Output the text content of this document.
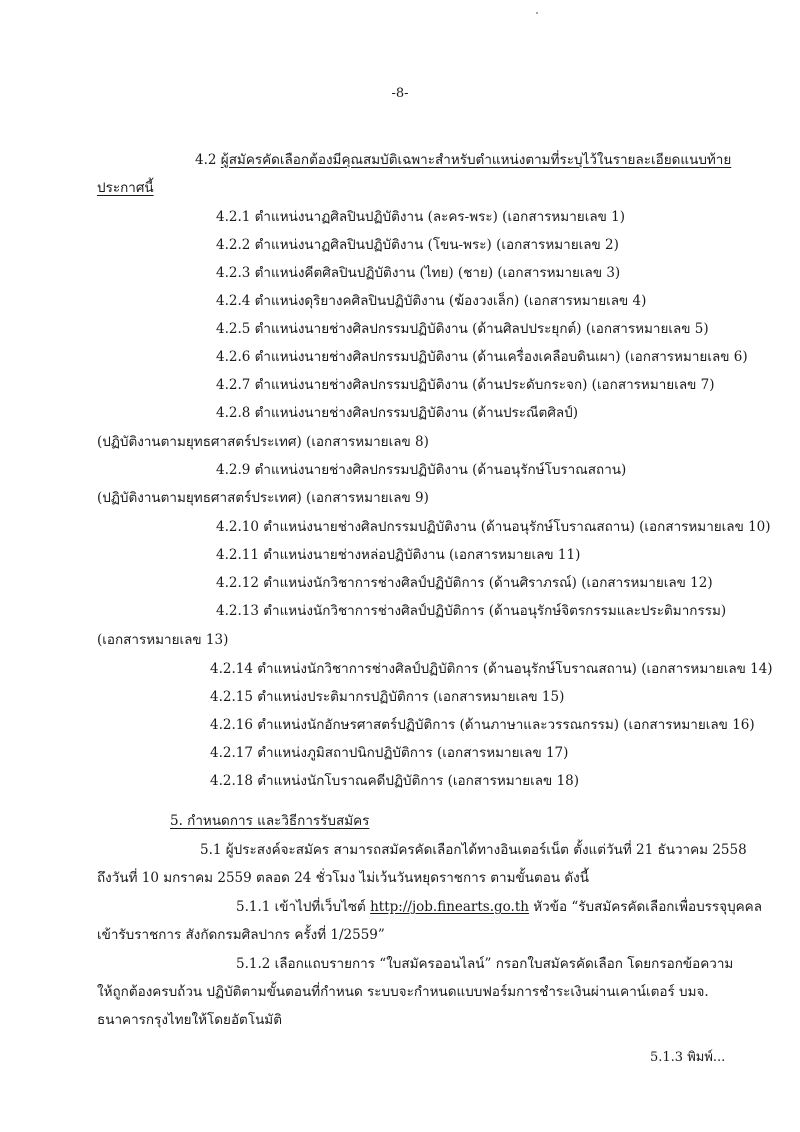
-8-
4.2 ผู้สมัครคัดเลือกต้องมีคุณสมบัติเฉพาะสำหรับตำแหน่งตามที่ระบุไว้ในรายละเอียดแนบท้าย
ประกาศนี้
4.2.1 ตำแหน่งนาฏศิลปินปฏิบัติงาน (ละคร-พระ) (เอกสารหมายเลข 1)
4.2.2 ตำแหน่งนาฏศิลปินปฏิบัติงาน (โขน-พระ) (เอกสารหมายเลข 2)
4.2.3 ตำแหน่งคีตศิลปินปฏิบัติงาน (ไทย) (ชาย) (เอกสารหมายเลข 3)
4.2.4 ตำแหน่งดุริยางคศิลปินปฏิบัติงาน (ฆ้องวงเล็ก) (เอกสารหมายเลข 4)
4.2.5 ตำแหน่งนายช่างศิลปกรรมปฏิบัติงาน (ด้านศิลปประยุกต์) (เอกสารหมายเลข 5)
4.2.6 ตำแหน่งนายช่างศิลปกรรมปฏิบัติงาน (ด้านเครื่องเคลือบดินเผา) (เอกสารหมายเลข 6)
4.2.7 ตำแหน่งนายช่างศิลปกรรมปฏิบัติงาน (ด้านประดับกระจก) (เอกสารหมายเลข 7)
4.2.8 ตำแหน่งนายช่างศิลปกรรมปฏิบัติงาน (ด้านประณีตศิลป์)
(ปฏิบัติงานตามยุทธศาสตร์ประเทศ) (เอกสารหมายเลข 8)
4.2.9 ตำแหน่งนายช่างศิลปกรรมปฏิบัติงาน (ด้านอนุรักษ์โบราณสถาน)
(ปฏิบัติงานตามยุทธศาสตร์ประเทศ) (เอกสารหมายเลข 9)
4.2.10 ตำแหน่งนายช่างศิลปกรรมปฏิบัติงาน (ด้านอนุรักษ์โบราณสถาน) (เอกสารหมายเลข 10)
4.2.11 ตำแหน่งนายช่างหล่อปฏิบัติงาน (เอกสารหมายเลข 11)
4.2.12 ตำแหน่งนักวิชาการช่างศิลป์ปฏิบัติการ (ด้านศิราภรณ์) (เอกสารหมายเลข 12)
4.2.13 ตำแหน่งนักวิชาการช่างศิลป์ปฏิบัติการ (ด้านอนุรักษ์จิตรกรรมและประติมากรรม)
(เอกสารหมายเลข 13)
4.2.14 ตำแหน่งนักวิชาการช่างศิลป์ปฏิบัติการ (ด้านอนุรักษ์โบราณสถาน) (เอกสารหมายเลข 14)
4.2.15 ตำแหน่งประติมากรปฏิบัติการ (เอกสารหมายเลข 15)
4.2.16 ตำแหน่งนักอักษรศาสตร์ปฏิบัติการ (ด้านภาษาและวรรณกรรม) (เอกสารหมายเลข 16)
4.2.17 ตำแหน่งภูมิสถาปนิกปฏิบัติการ (เอกสารหมายเลข 17)
4.2.18 ตำแหน่งนักโบราณคดีปฏิบัติการ (เอกสารหมายเลข 18)
5. กำหนดการ และวิธีการรับสมัคร
5.1 ผู้ประสงค์จะสมัคร สามารถสมัครคัดเลือกได้ทางอินเตอร์เน็ต ตั้งแต่วันที่ 21 ธันวาคม 2558
ถึงวันที่ 10 มกราคม 2559 ตลอด 24 ชั่วโมง ไม่เว้นวันหยุดราชการ ตามขั้นตอน ดังนี้
5.1.1 เข้าไปที่เว็บไซต์ http://job.finearts.go.th หัวข้อ “รับสมัครคัดเลือกเพื่อบรรจุบุคคล
เข้ารับราชการ สังกัดกรมศิลปากร ครั้งที่ 1/2559”
5.1.2 เลือกแถบรายการ “ใบสมัครออนไลน์” กรอกใบสมัครคัดเลือก โดยกรอกข้อความ
ให้ถูกต้องครบถ้วน ปฏิบัติตามขั้นตอนที่กำหนด ระบบจะกำหนดแบบฟอร์มการชำระเงินผ่านเคาน์เตอร์ บมจ.
ธนาคารกรุงไทยให้โดยอัตโนมัติ
5.1.3 พิมพ์...
